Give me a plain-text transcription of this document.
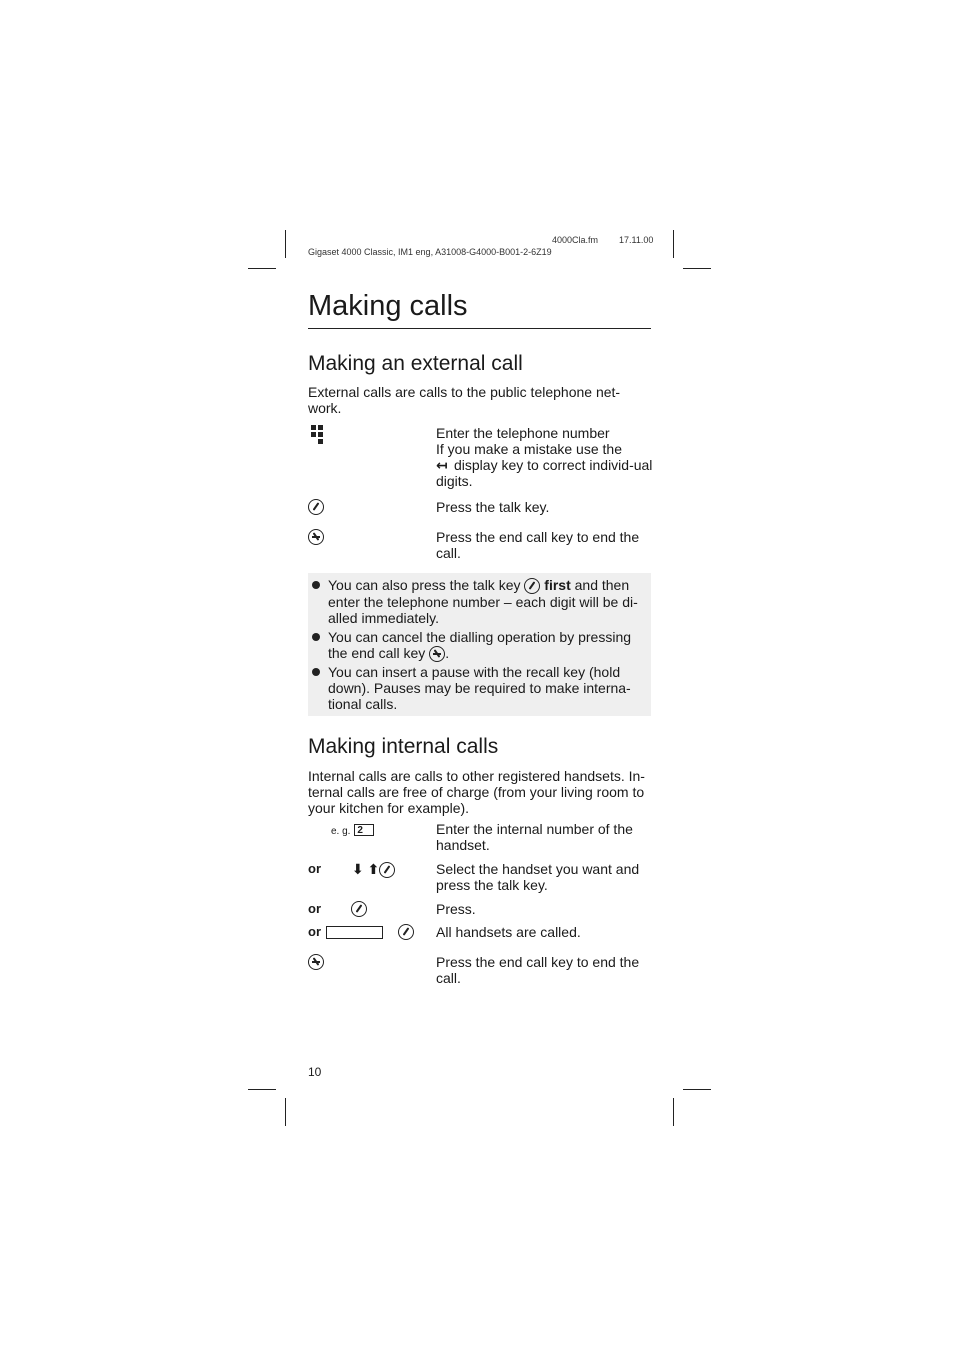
4000Cla.fm 17.11.00
Gigaset 4000 Classic, IM1 eng, A31008-G4000-B001-2-6Z19
Making calls
Making an external call
External calls are calls to the public telephone net-work.
Enter the telephone number
If you make a mistake use the
↤ display key to correct individ-ual digits.
Press the talk key.
Press the end call key to end the call.
You can also press the talk key first and then enter the telephone number – each digit will be di-alled immediately.
You can cancel the dialling operation by pressing the end call key .
You can insert a pause with the recall key (hold down). Pauses may be required to make interna-tional calls.
Making internal calls
Internal calls are calls to other registered handsets. In-ternal calls are free of charge (from your living room to your kitchen for example).
e. g. 2	Enter the internal number of the handset.
or ⬇ ⬆	Select the handset you want and press the talk key.
or	Press.
or	All handsets are called.
Press the end call key to end the call.
10
